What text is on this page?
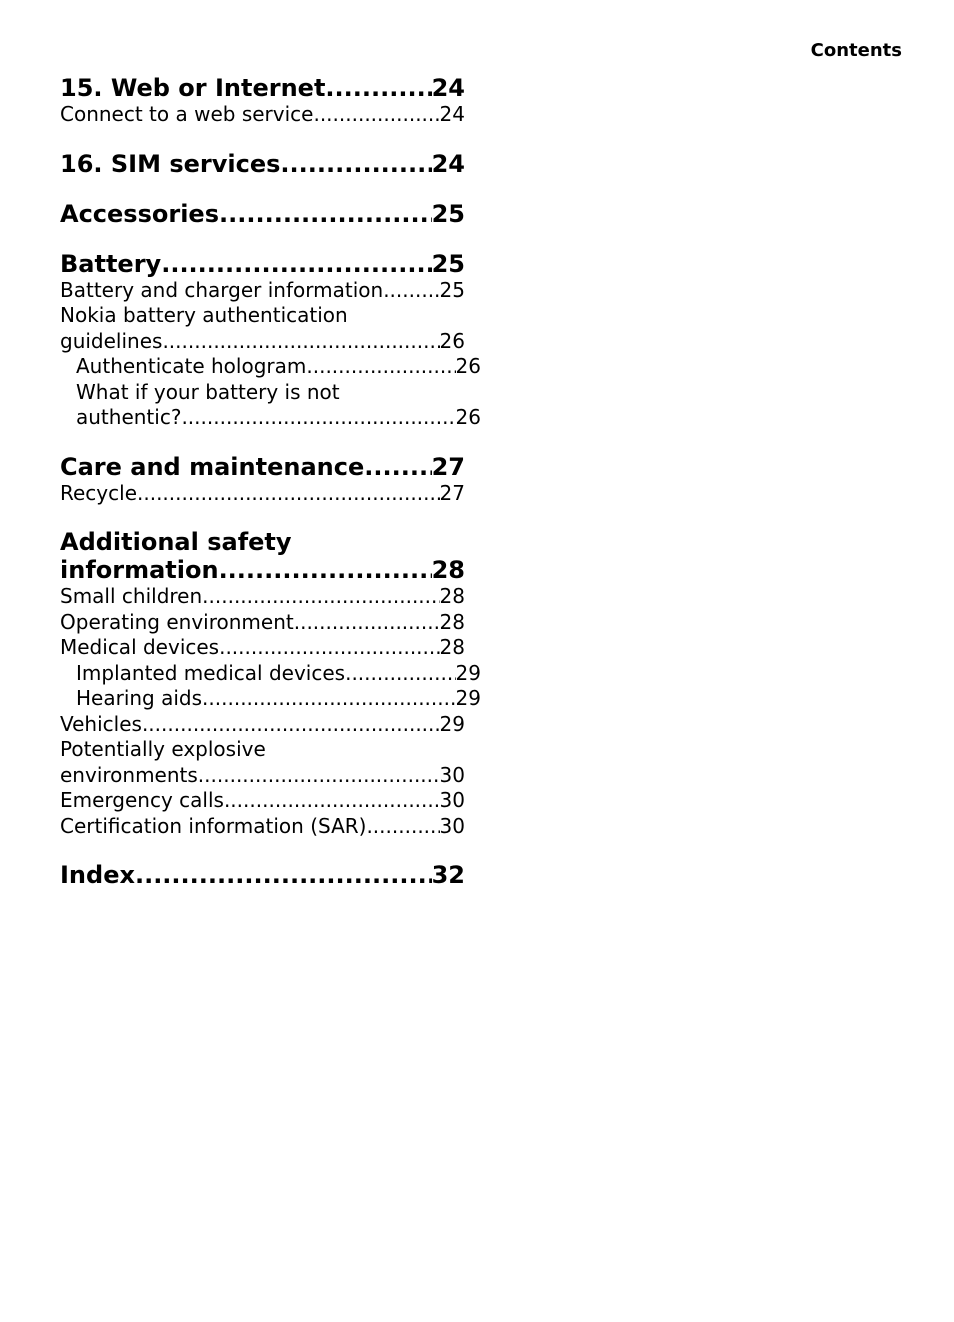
Contents
15. Web or Internet .....	24
Connect to a web service .....	24
16. SIM services .....	24
Accessories .....	25
Battery .....	25
Battery and charger information .....	25
Nokia battery authentication
guidelines .....	26
Authenticate hologram .....	26
What if your battery is not
authentic? .....	26
Care and maintenance .....	27
Recycle .....	27
Additional safety
information .....	28
Small children .....	28
Operating environment .....	28
Medical devices .....	28
Implanted medical devices .....	29
Hearing aids .....	29
Vehicles .....	29
Potentially explosive
environments .....	30
Emergency calls .....	30
Certification information (SAR) .....	30
Index .....	32
